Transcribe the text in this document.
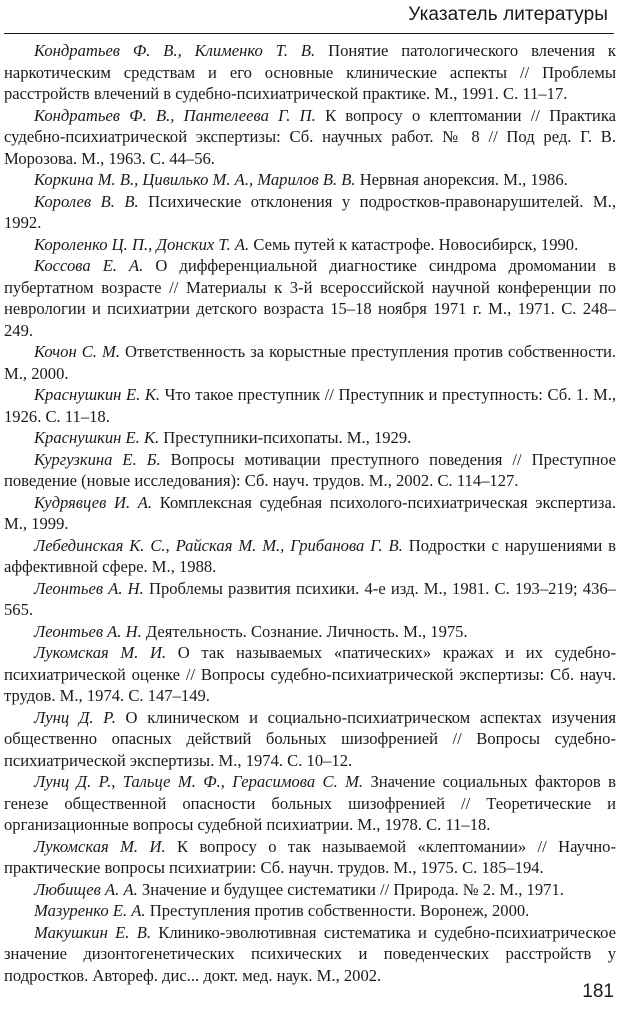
Указатель литературы

Кондратьев Ф. В., Клименко Т. В. Понятие патологического влечения к наркотическим средствам и его основные клинические аспекты // Проблемы расстройств влечений в судебно-психиатрической практике. М., 1991. С. 11–17.

Кондратьев Ф. В., Пантелеева Г. П. К вопросу о клептомании // Практика судебно-психиатрической экспертизы: Сб. научных работ. № 8 // Под ред. Г. В. Морозова. М., 1963. С. 44–56.

Коркина М. В., Цивилько М. А., Марилов В. В. Нервная анорексия. М., 1986.

Королев В. В. Психические отклонения у подростков-правонарушителей. М., 1992.

Короленко Ц. П., Донских Т. А. Семь путей к катастрофе. Новосибирск, 1990.

Коссова Е. А. О дифференциальной диагностике синдрома дромомании в пубертатном возрасте // Материалы к 3-й всероссийской научной конференции по неврологии и психиатрии детского возраста 15–18 ноября 1971 г. М., 1971. С. 248–249.

Кочон С. М. Ответственность за корыстные преступления против собственности. М., 2000.

Краснушкин Е. К. Что такое преступник // Преступник и преступность: Сб. 1. М., 1926. С. 11–18.

Краснушкин Е. К. Преступники-психопаты. М., 1929.

Кургузкина Е. Б. Вопросы мотивации преступного поведения // Преступное поведение (новые исследования): Сб. науч. трудов. М., 2002. С. 114–127.

Кудрявцев И. А. Комплексная судебная психолого-психиатрическая экспертиза. М., 1999.

Лебединская К. С., Райская М. М., Грибанова Г. В. Подростки с нарушениями в аффективной сфере. М., 1988.

Леонтьев А. Н. Проблемы развития психики. 4-е изд. М., 1981. С. 193–219; 436–565.

Леонтьев А. Н. Деятельность. Сознание. Личность. М., 1975.

Лукомская М. И. О так называемых «патических» кражах и их судебно-психиатрической оценке // Вопросы судебно-психиатрической экспертизы: Сб. науч. трудов. М., 1974. С. 147–149.

Лунц Д. Р. О клиническом и социально-психиатрическом аспектах изучения общественно опасных действий больных шизофренией // Вопросы судебно-психиатрической экспертизы. М., 1974. С. 10–12.

Лунц Д. Р., Тальце М. Ф., Герасимова С. М. Значение социальных факторов в генезе общественной опасности больных шизофренией // Теоретические и организационные вопросы судебной психиатрии. М., 1978. С. 11–18.

Лукомская М. И. К вопросу о так называемой «клептомании» // Научно-практические вопросы психиатрии: Сб. научн. трудов. М., 1975. С. 185–194.

Любищев А. А. Значение и будущее систематики // Природа. № 2. М., 1971.

Мазуренко Е. А. Преступления против собственности. Воронеж, 2000.

Макушкин Е. В. Клинико-эволютивная систематика и судебно-психиатрическое значение дизонтогенетических психических и поведенческих расстройств у подростков. Автореф. дис... докт. мед. наук. М., 2002.

181
